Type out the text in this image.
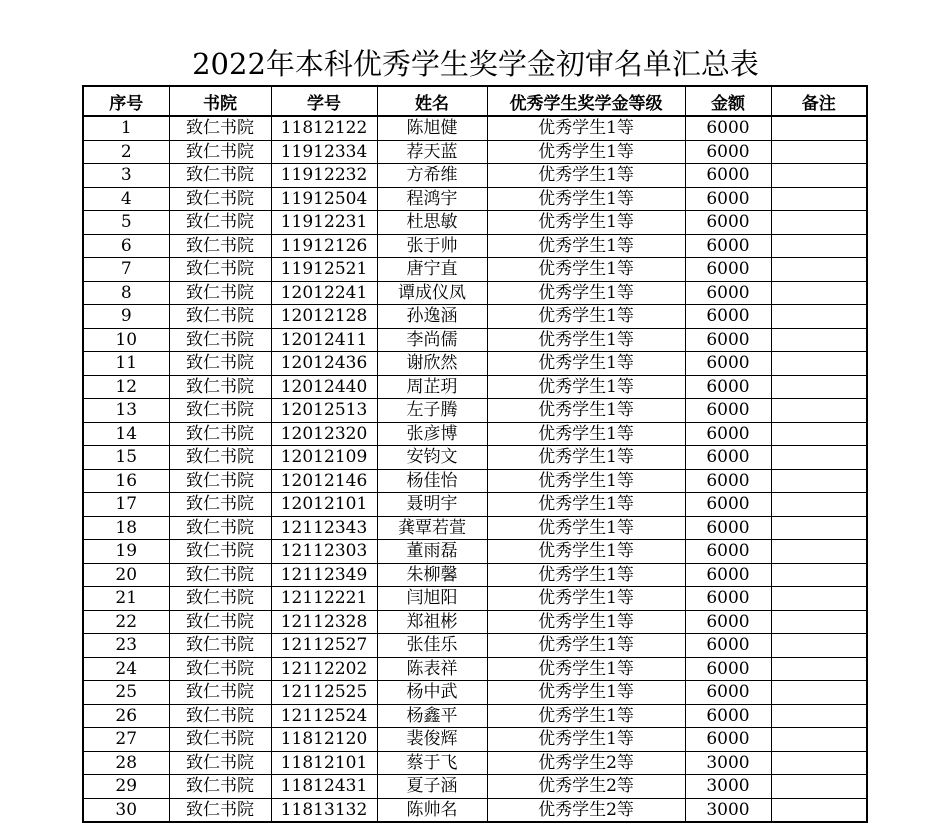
2022年本科优秀学生奖学金初审名单汇总表
序号	书院	学号	姓名	优秀学生奖学金等级	金额	备注
1	致仁书院	11812122	陈旭健	优秀学生1等	6000	
2	致仁书院	11912334	荐天蓝	优秀学生1等	6000	
3	致仁书院	11912232	方希维	优秀学生1等	6000	
4	致仁书院	11912504	程鸿宇	优秀学生1等	6000	
5	致仁书院	11912231	杜思敏	优秀学生1等	6000	
6	致仁书院	11912126	张于帅	优秀学生1等	6000	
7	致仁书院	11912521	唐宁直	优秀学生1等	6000	
8	致仁书院	12012241	谭成仪凤	优秀学生1等	6000	
9	致仁书院	12012128	孙逸涵	优秀学生1等	6000	
10	致仁书院	12012411	李尚儒	优秀学生1等	6000	
11	致仁书院	12012436	谢欣然	优秀学生1等	6000	
12	致仁书院	12012440	周芷玥	优秀学生1等	6000	
13	致仁书院	12012513	左子腾	优秀学生1等	6000	
14	致仁书院	12012320	张彦博	优秀学生1等	6000	
15	致仁书院	12012109	安钧文	优秀学生1等	6000	
16	致仁书院	12012146	杨佳怡	优秀学生1等	6000	
17	致仁书院	12012101	聂明宇	优秀学生1等	6000	
18	致仁书院	12112343	龚覃若萱	优秀学生1等	6000	
19	致仁书院	12112303	董雨磊	优秀学生1等	6000	
20	致仁书院	12112349	朱柳馨	优秀学生1等	6000	
21	致仁书院	12112221	闫旭阳	优秀学生1等	6000	
22	致仁书院	12112328	郑祖彬	优秀学生1等	6000	
23	致仁书院	12112527	张佳乐	优秀学生1等	6000	
24	致仁书院	12112202	陈表祥	优秀学生1等	6000	
25	致仁书院	12112525	杨中武	优秀学生1等	6000	
26	致仁书院	12112524	杨鑫平	优秀学生1等	6000	
27	致仁书院	11812120	裴俊辉	优秀学生1等	6000	
28	致仁书院	11812101	蔡于飞	优秀学生2等	3000	
29	致仁书院	11812431	夏子涵	优秀学生2等	3000	
30	致仁书院	11813132	陈帅名	优秀学生2等	3000	
